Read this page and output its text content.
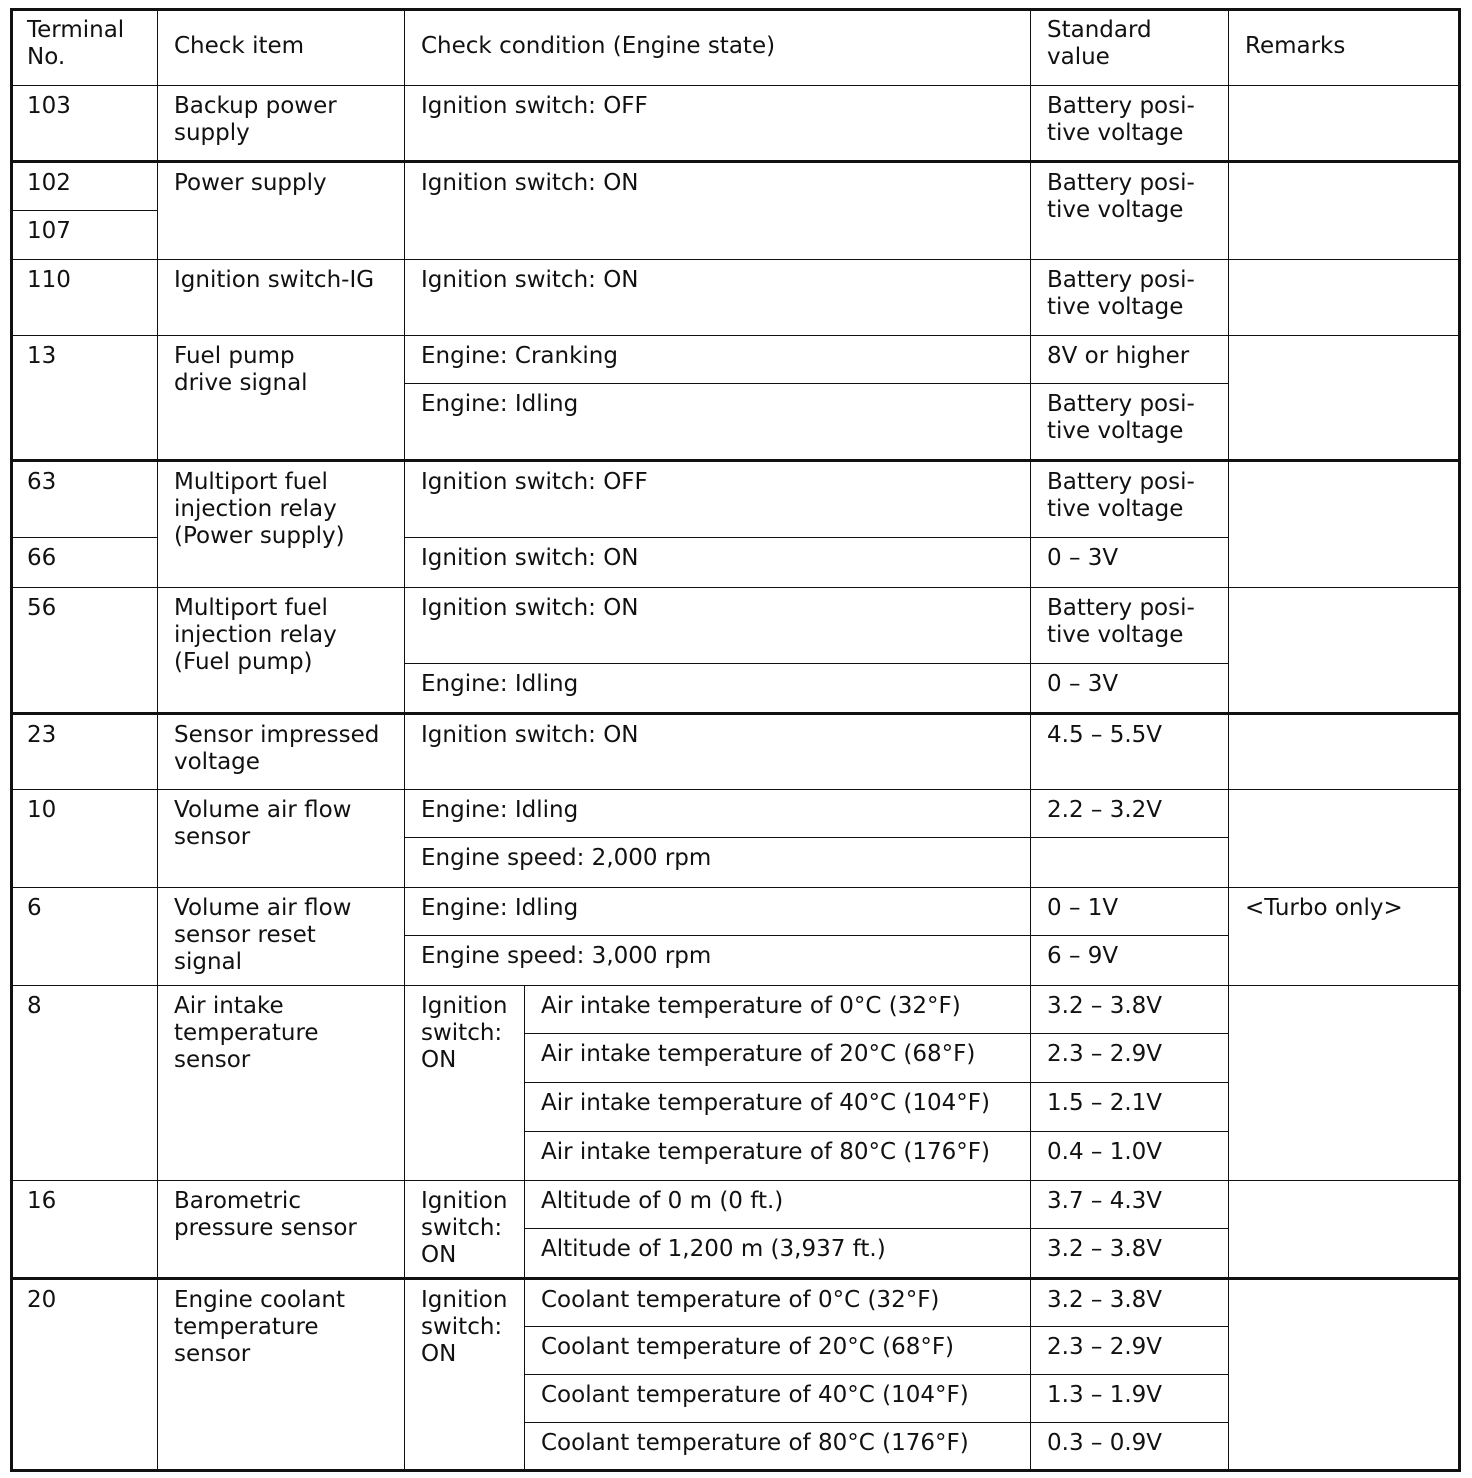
Terminal
No.	Check item	Check condition (Engine state)		Standard
value	Remarks
103	Backup power
supply	Ignition switch: OFF		Battery posi-
tive voltage	

102	Power supply	Ignition switch: ON		Battery posi-
tive voltage	

107					
110	Ignition switch-IG	Ignition switch: ON		Battery posi-
tive voltage	

13	Fuel pump
drive signal	Engine: Cranking		8V or higher	
		Engine: Idling		Battery posi-
tive voltage	

63	Multiport fuel
injection relay
(Power supply)	Ignition switch: OFF		Battery posi-
tive voltage	

66		Ignition switch: ON		0 – 3V	
56	Multiport fuel
injection relay
(Fuel pump)	Ignition switch: ON		Battery posi-
tive voltage	

		Engine: Idling		0 – 3V	
23	Sensor impressed
voltage	Ignition switch: ON		4.5 – 5.5V	
10	Volume air flow
sensor	Engine: Idling		2.2 – 3.2V	
		Engine speed: 2,000 rpm			
6	Volume air flow
sensor reset
signal	Engine: Idling		0 – 1V	<Turbo only>
		Engine speed: 3,000 rpm		6 – 9V	
8	Air intake
temperature
sensor	Ignition
switch:
ON	Air intake temperature of 0°C (32°F)	3.2 – 3.8V	
			Air intake temperature of 20°C (68°F)	2.3 – 2.9V	
			Air intake temperature of 40°C (104°F)	1.5 – 2.1V	
			Air intake temperature of 80°C (176°F)	0.4 – 1.0V	
16	Barometric
pressure sensor	Ignition
switch:
ON	Altitude of 0 m (0 ft.)	3.7 – 4.3V	
			Altitude of 1,200 m (3,937 ft.)	3.2 – 3.8V	
20	Engine coolant
temperature
sensor	Ignition
switch:
ON	Coolant temperature of 0°C (32°F)	3.2 – 3.8V	
			Coolant temperature of 20°C (68°F)	2.3 – 2.9V	
			Coolant temperature of 40°C (104°F)	1.3 – 1.9V	
			Coolant temperature of 80°C (176°F)	0.3 – 0.9V	
